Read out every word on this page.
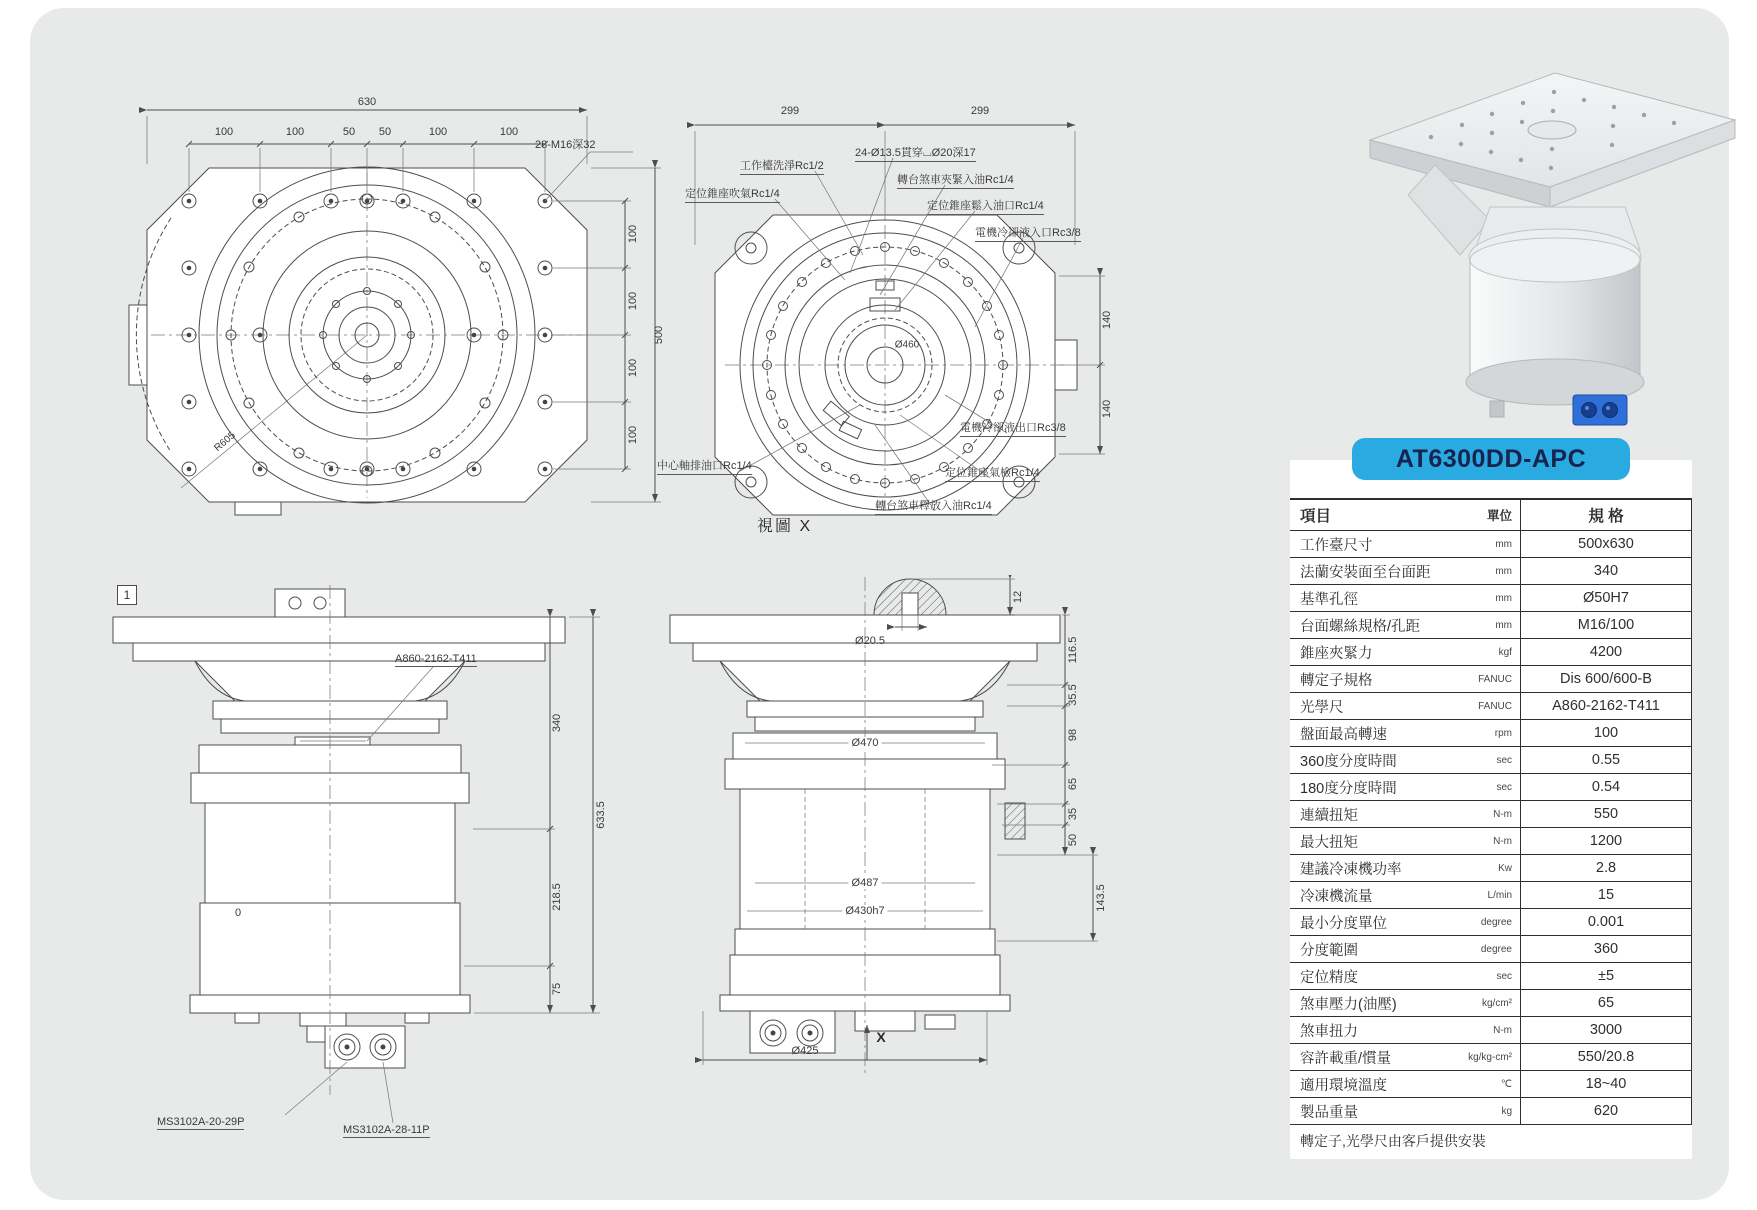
630
100	100	50 50	100	100
28-M16深32
100
100
100
100
500
R605
299	299
工作檯洗淨Rc1/2
定位錐座吹氣Rc1/4
24-Ø13.5貫穿⌴Ø20深17
轉台煞車夾緊入油Rc1/4
定位錐座鬆入油口Rc1/4
電機冷卻液入口Rc3/8
中心軸排油口Rc1/4
轉台煞車釋放入油Rc1/4
定位錐座氣檢Rc1/4
電機冷卻液出口Rc3/8
140
140
Ø460
視圖 X
1
A860-2162-T411
0
MS3102A-20-29P
MS3102A-28-11P
340
218.5
75
633.5
12
Ø20.5	116.5
35.5
98
65
35
50
143.5
Ø470
Ø487
Ø430h7
Ø425
X
AT6300DD-APC
項目	單位	規 格
工作臺尺寸	mm	500x630
法蘭安裝面至台面距	mm	340
基準孔徑	mm	Ø50H7
台面螺絲規格/孔距	mm	M16/100
錐座夾緊力	kgf	4200
轉定子規格	FANUC	Dis 600/600-B
光學尺	FANUC	A860-2162-T411
盤面最高轉速	rpm	100
360度分度時間	sec	0.55
180度分度時間	sec	0.54
連續扭矩	N-m	550
最大扭矩	N-m	1200
建議冷凍機功率	Kw	2.8
冷凍機流量	L/min	15
最小分度單位	degree	0.001
分度範圍	degree	360
定位精度	sec	±5
煞車壓力(油壓)	kg/cm²	65
煞車扭力	N-m	3000
容許載重/慣量	kg/kg-cm²	550/20.8
適用環境溫度	℃	18~40
製品重量	kg	620
轉定子,光學尺由客戶提供安裝
